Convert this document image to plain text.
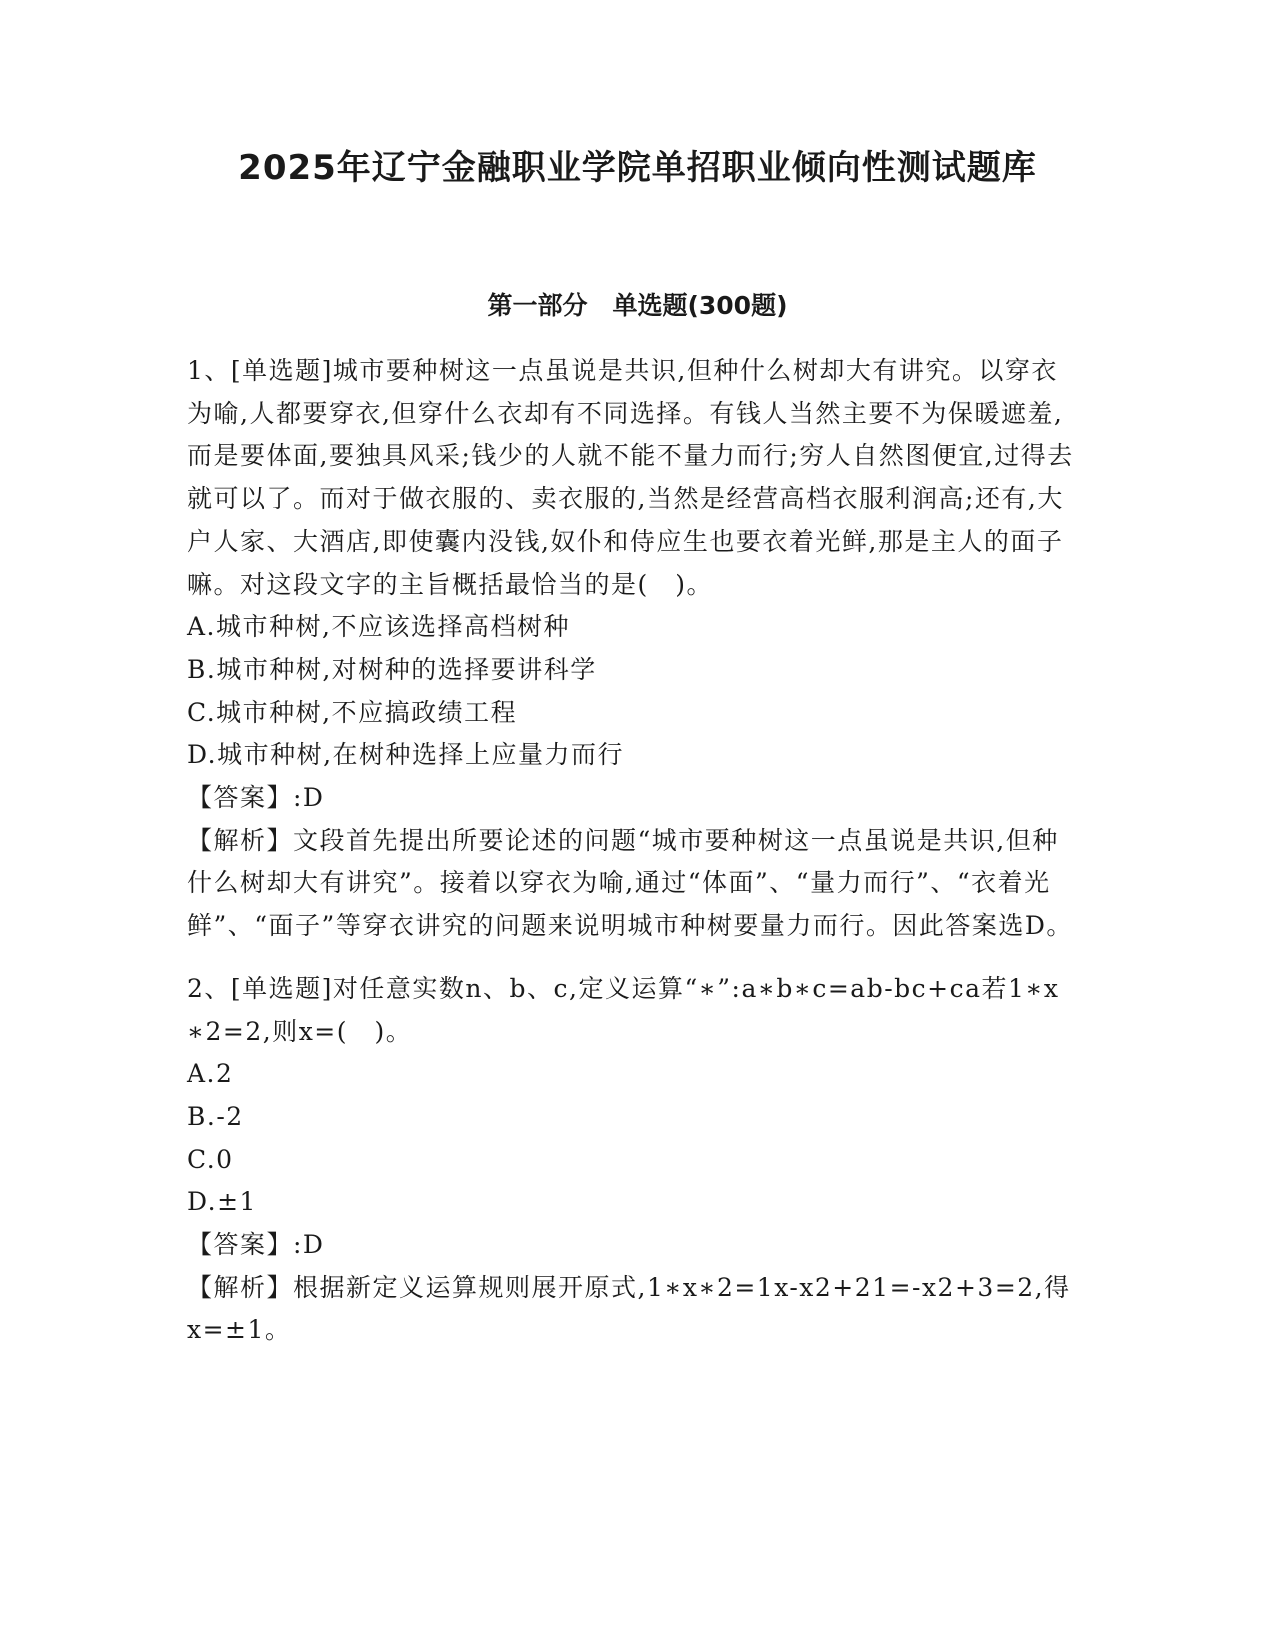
2025年辽宁金融职业学院单招职业倾向性测试题库
第一部分　单选题(300题)

1、[单选题]城市要种树这一点虽说是共识,但种什么树却大有讲究。以穿衣为喻,人都要穿衣,但穿什么衣却有不同选择。有钱人当然主要不为保暖遮羞,而是要体面,要独具风采;钱少的人就不能不量力而行;穷人自然图便宜,过得去就可以了。而对于做衣服的、卖衣服的,当然是经营高档衣服利润高;还有,大户人家、大酒店,即使囊内没钱,奴仆和侍应生也要衣着光鲜,那是主人的面子嘛。对这段文字的主旨概括最恰当的是(　)。

A.城市种树,不应该选择高档树种

B.城市种树,对树种的选择要讲科学

C.城市种树,不应搞政绩工程

D.城市种树,在树种选择上应量力而行

【答案】:D

【解析】文段首先提出所要论述的问题“城市要种树这一点虽说是共识,但种什么树却大有讲究”。接着以穿衣为喻,通过“体面”、“量力而行”、“衣着光鲜”、“面子”等穿衣讲究的问题来说明城市种树要量力而行。因此答案选D。

2、[单选题]对任意实数n、b、c,定义运算“∗”:a∗b∗c=ab-bc+ca若1∗x∗2=2,则x=(　)。

A.2

B.-2

C.0

D.±1

【答案】:D

【解析】根据新定义运算规则展开原式,1∗x∗2=1x-x2+21=-x2+3=2,得x=±1。
